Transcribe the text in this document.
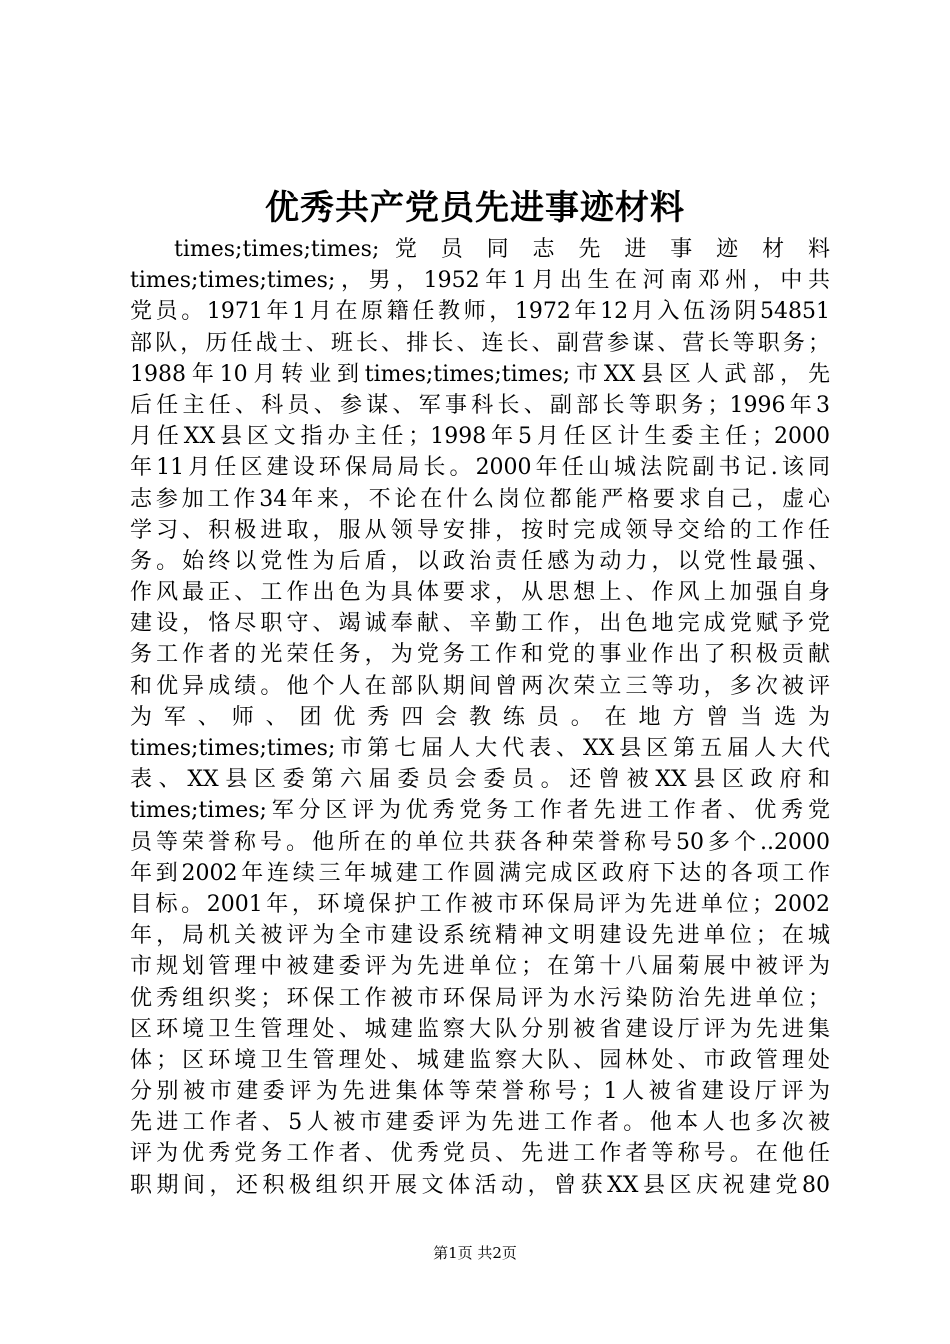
优秀共产党员先进事迹材料
times;times;times; 党 员 同 志 先 进 事 迹 材 料
times;times;times;，男，1952年1月出生在河南邓州，中共
党员。1971年1月在原籍任教师，1972年12月入伍汤阴54851
部队，历任战士、班长、排长、连长、副营参谋、营长等职务；
1988年10月转业到times;times;times;市XX县区人武部，先
后任主任、科员、参谋、军事科长、副部长等职务；1996年3
月任XX县区文指办主任；1998年5月任区计生委主任；2000
年11月任区建设环保局局长。2000年任山城法院副书记.该同
志参加工作34年来，不论在什么岗位都能严格要求自己，虚心
学习、积极进取，服从领导安排，按时完成领导交给的工作任
务。始终以党性为后盾，以政治责任感为动力，以党性最强、
作风最正、工作出色为具体要求，从思想上、作风上加强自身
建设，恪尽职守、竭诚奉献、辛勤工作，出色地完成党赋予党
务工作者的光荣任务，为党务工作和党的事业作出了积极贡献
和优异成绩。他个人在部队期间曾两次荣立三等功，多次被评
为 军 、 师 、 团 优 秀 四 会 教 练 员 。 在 地 方 曾 当 选 为
times;times;times;市第七届人大代表、XX县区第五届人大代
表、XX县区委第六届委员会委员。还曾被XX县区政府和
times;times;军分区评为优秀党务工作者先进工作者、优秀党
员等荣誉称号。他所在的单位共获各种荣誉称号50多个..2000
年到2002年连续三年城建工作圆满完成区政府下达的各项工作
目标。2001年，环境保护工作被市环保局评为先进单位；2002
年，局机关被评为全市建设系统精神文明建设先进单位；在城
市规划管理中被建委评为先进单位；在第十八届菊展中被评为
优秀组织奖；环保工作被市环保局评为水污染防治先进单位；
区环境卫生管理处、城建监察大队分别被省建设厅评为先进集
体；区环境卫生管理处、城建监察大队、园林处、市政管理处
分别被市建委评为先进集体等荣誉称号；1人被省建设厅评为
先进工作者、5人被市建委评为先进工作者。他本人也多次被
评为优秀党务工作者、优秀党员、先进工作者等称号。在他任
职期间，还积极组织开展文体活动，曾获XX县区庆祝建党80
第1页 共2页
